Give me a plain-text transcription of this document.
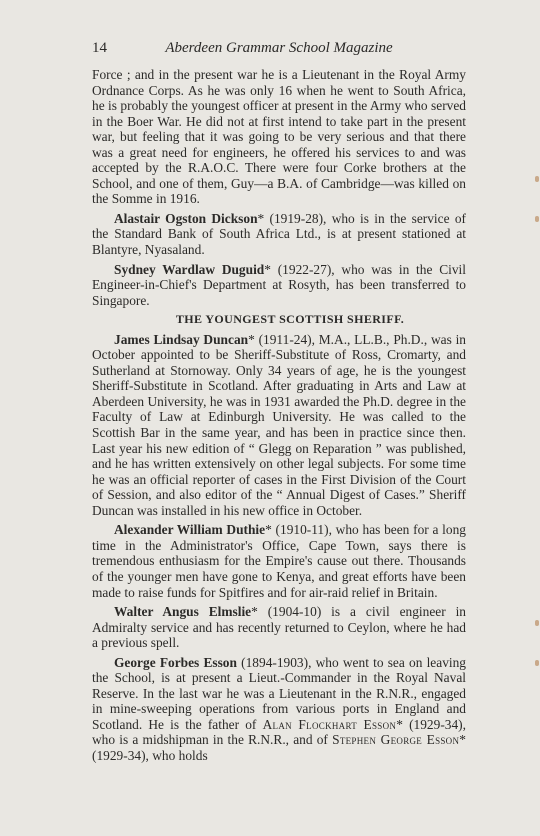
14	Aberdeen Grammar School Magazine

Force ; and in the present war he is a Lieutenant in the Royal Army Ordnance Corps. As he was only 16 when he went to South Africa, he is probably the youngest officer at present in the Army who served in the Boer War. He did not at first intend to take part in the present war, but feeling that it was going to be very serious and that there was a great need for engineers, he offered his services to and was accepted by the R.A.O.C. There were four Corke brothers at the School, and one of them, Guy—a B.A. of Cambridge—was killed on the Somme in 1916.

Alastair Ogston Dickson* (1919-28), who is in the service of the Standard Bank of South Africa Ltd., is at present stationed at Blantyre, Nyasaland.

Sydney Wardlaw Duguid* (1922-27), who was in the Civil Engineer-in-Chief's Department at Rosyth, has been transferred to Singapore.

THE YOUNGEST SCOTTISH SHERIFF.

James Lindsay Duncan* (1911-24), M.A., LL.B., Ph.D., was in October appointed to be Sheriff-Substitute of Ross, Cromarty, and Sutherland at Stornoway. Only 34 years of age, he is the youngest Sheriff-Substitute in Scotland. After graduating in Arts and Law at Aberdeen University, he was in 1931 awarded the Ph.D. degree in the Faculty of Law at Edinburgh University. He was called to the Scottish Bar in the same year, and has been in practice since then. Last year his new edition of “ Glegg on Reparation ” was published, and he has written extensively on other legal subjects. For some time he was an official reporter of cases in the First Division of the Court of Session, and also editor of the “ Annual Digest of Cases.” Sheriff Duncan was installed in his new office in October.

Alexander William Duthie* (1910-11), who has been for a long time in the Administrator's Office, Cape Town, says there is tremendous enthusiasm for the Empire's cause out there. Thousands of the younger men have gone to Kenya, and great efforts have been made to raise funds for Spitfires and for air-raid relief in Britain.

Walter Angus Elmslie* (1904-10) is a civil engineer in Admiralty service and has recently returned to Ceylon, where he had a previous spell.

George Forbes Esson (1894-1903), who went to sea on leaving the School, is at present a Lieut.-Commander in the Royal Naval Reserve. In the last war he was a Lieutenant in the R.N.R., engaged in mine-sweeping operations from various ports in England and Scotland. He is the father of Alan Flockhart Esson* (1929-34), who is a midshipman in the R.N.R., and of Stephen George Esson* (1929-34), who holds
